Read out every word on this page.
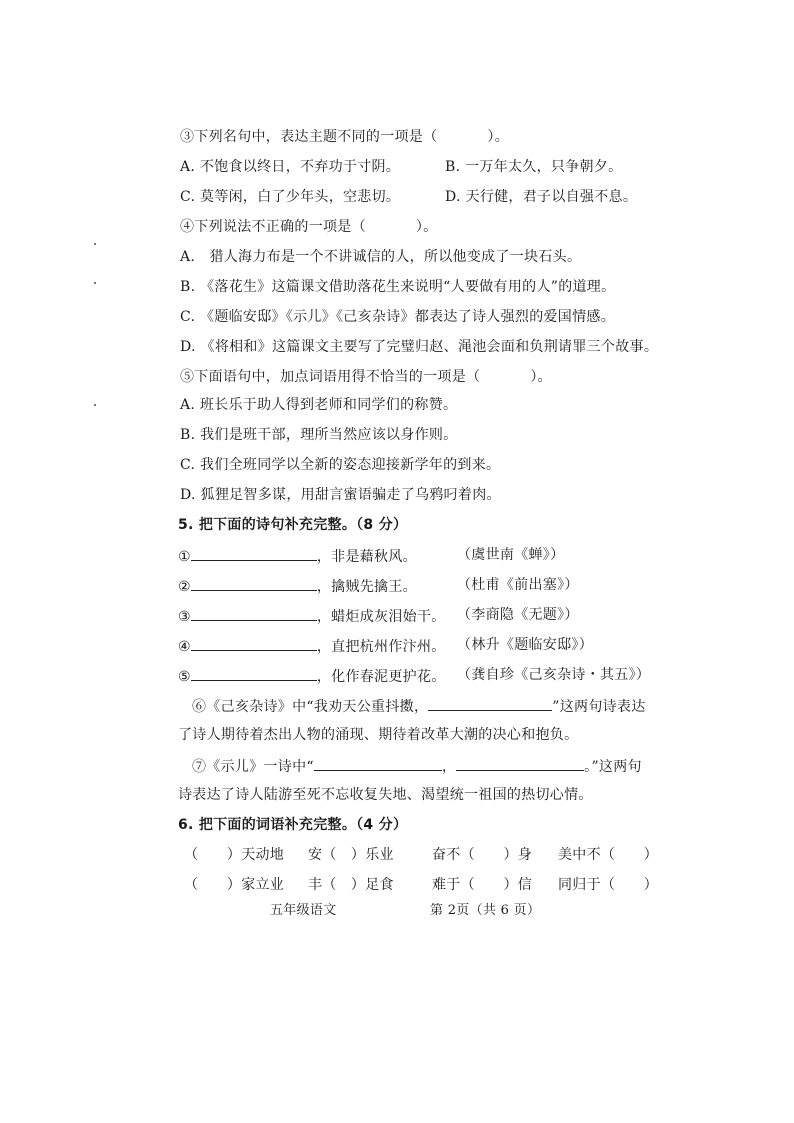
③下列名句中，表达主题不同的一项是（	）。
A. 不饱食以终日，不弃功于寸阴。	B. 一万年太久，只争朝夕。
C. 莫等闲，白了少年头，空悲切。	D. 天行健，君子以自强不息。
④下列说法不正确的一项是（	）。
A.　猎人海力布是一个不讲诚信的人，所以他变成了一块石头。
B. 《落花生》这篇课文借助落花生来说明“人要做有用的人”的道理。
C. 《题临安邸》《示儿》《己亥杂诗》都表达了诗人强烈的爱国情感。
D. 《将相和》这篇课文主要写了完璧归赵、渑池会面和负荆请罪三个故事。
⑤下面语句中，加点词语用得不恰当的一项是（	）。
A. 班长乐于助人得到老师和同学们的称赞。
B. 我们是班干部，理所当然应该以身作则。
C. 我们全班同学以全新的姿态迎接新学年的到来。
D. 狐狸足智多谋，用甜言蜜语骗走了乌鸦叼着肉。
5. 把下面的诗句补充完整。（8 分）
①	，非是藉秋风。	（虞世南《蝉》）
②	，擒贼先擒王。	（杜甫《前出塞》）
③	，蜡炬成灰泪始干。 （李商隐《无题》）
④	，直把杭州作汴州。 （林升《题临安邸》）
⑤	，化作春泥更护花。 （龚自珍《己亥杂诗・其五》）
⑥《己亥杂诗》中“我劝天公重抖擞，	”这两句诗表达
了诗人期待着杰出人物的涌现、期待着改革大潮的决心和抱负。
⑦《示儿》一诗中“	，	。”这两句
诗表达了诗人陆游至死不忘收复失地、渴望统一祖国的热切心情。
6. 把下面的词语补充完整。（4 分）
（　　）天动地	安（　）乐业	奋不（　　）身	美中不（　　）
（　　）家立业	丰（　）足食	难于（　　）信	同归于（　　）
五年级语文	第 2页（共 6 页）
